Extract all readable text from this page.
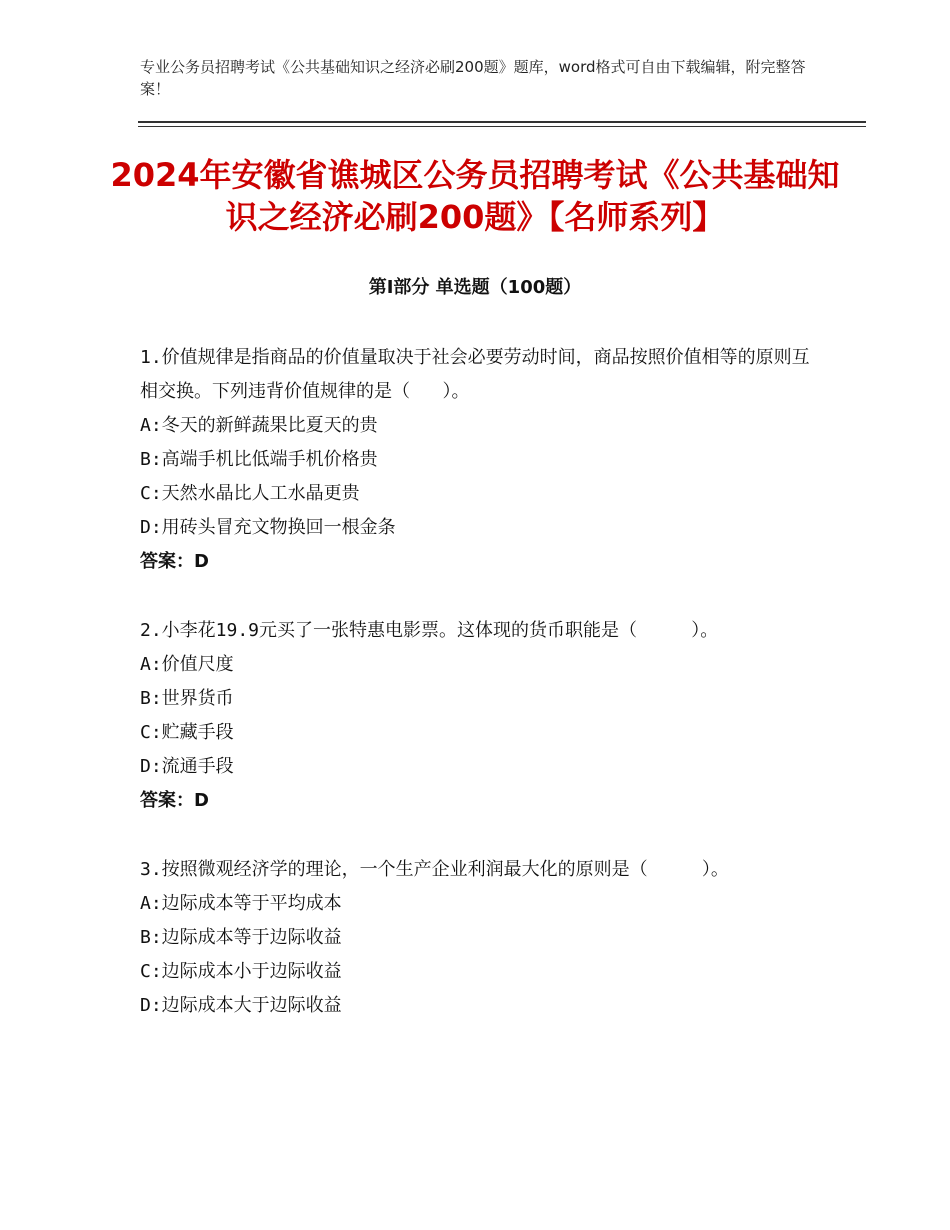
专业公务员招聘考试《公共基础知识之经济必刷200题》题库，word格式可自由下载编辑，附完整答案！
2024年安徽省谯城区公务员招聘考试《公共基础知识之经济必刷200题》【名师系列】
第Ⅰ部分 单选题（100题）
1.价值规律是指商品的价值量取决于社会必要劳动时间，商品按照价值相等的原则互相交换。下列违背价值规律的是（   ）。
A:冬天的新鲜蔬果比夏天的贵
B:高端手机比低端手机价格贵
C:天然水晶比人工水晶更贵
D:用砖头冒充文物换回一根金条
答案：D
2.小李花19.9元买了一张特惠电影票。这体现的货币职能是（     ）。
A:价值尺度
B:世界货币
C:贮藏手段
D:流通手段
答案：D
3.按照微观经济学的理论，一个生产企业利润最大化的原则是（     ）。
A:边际成本等于平均成本
B:边际成本等于边际收益
C:边际成本小于边际收益
D:边际成本大于边际收益
